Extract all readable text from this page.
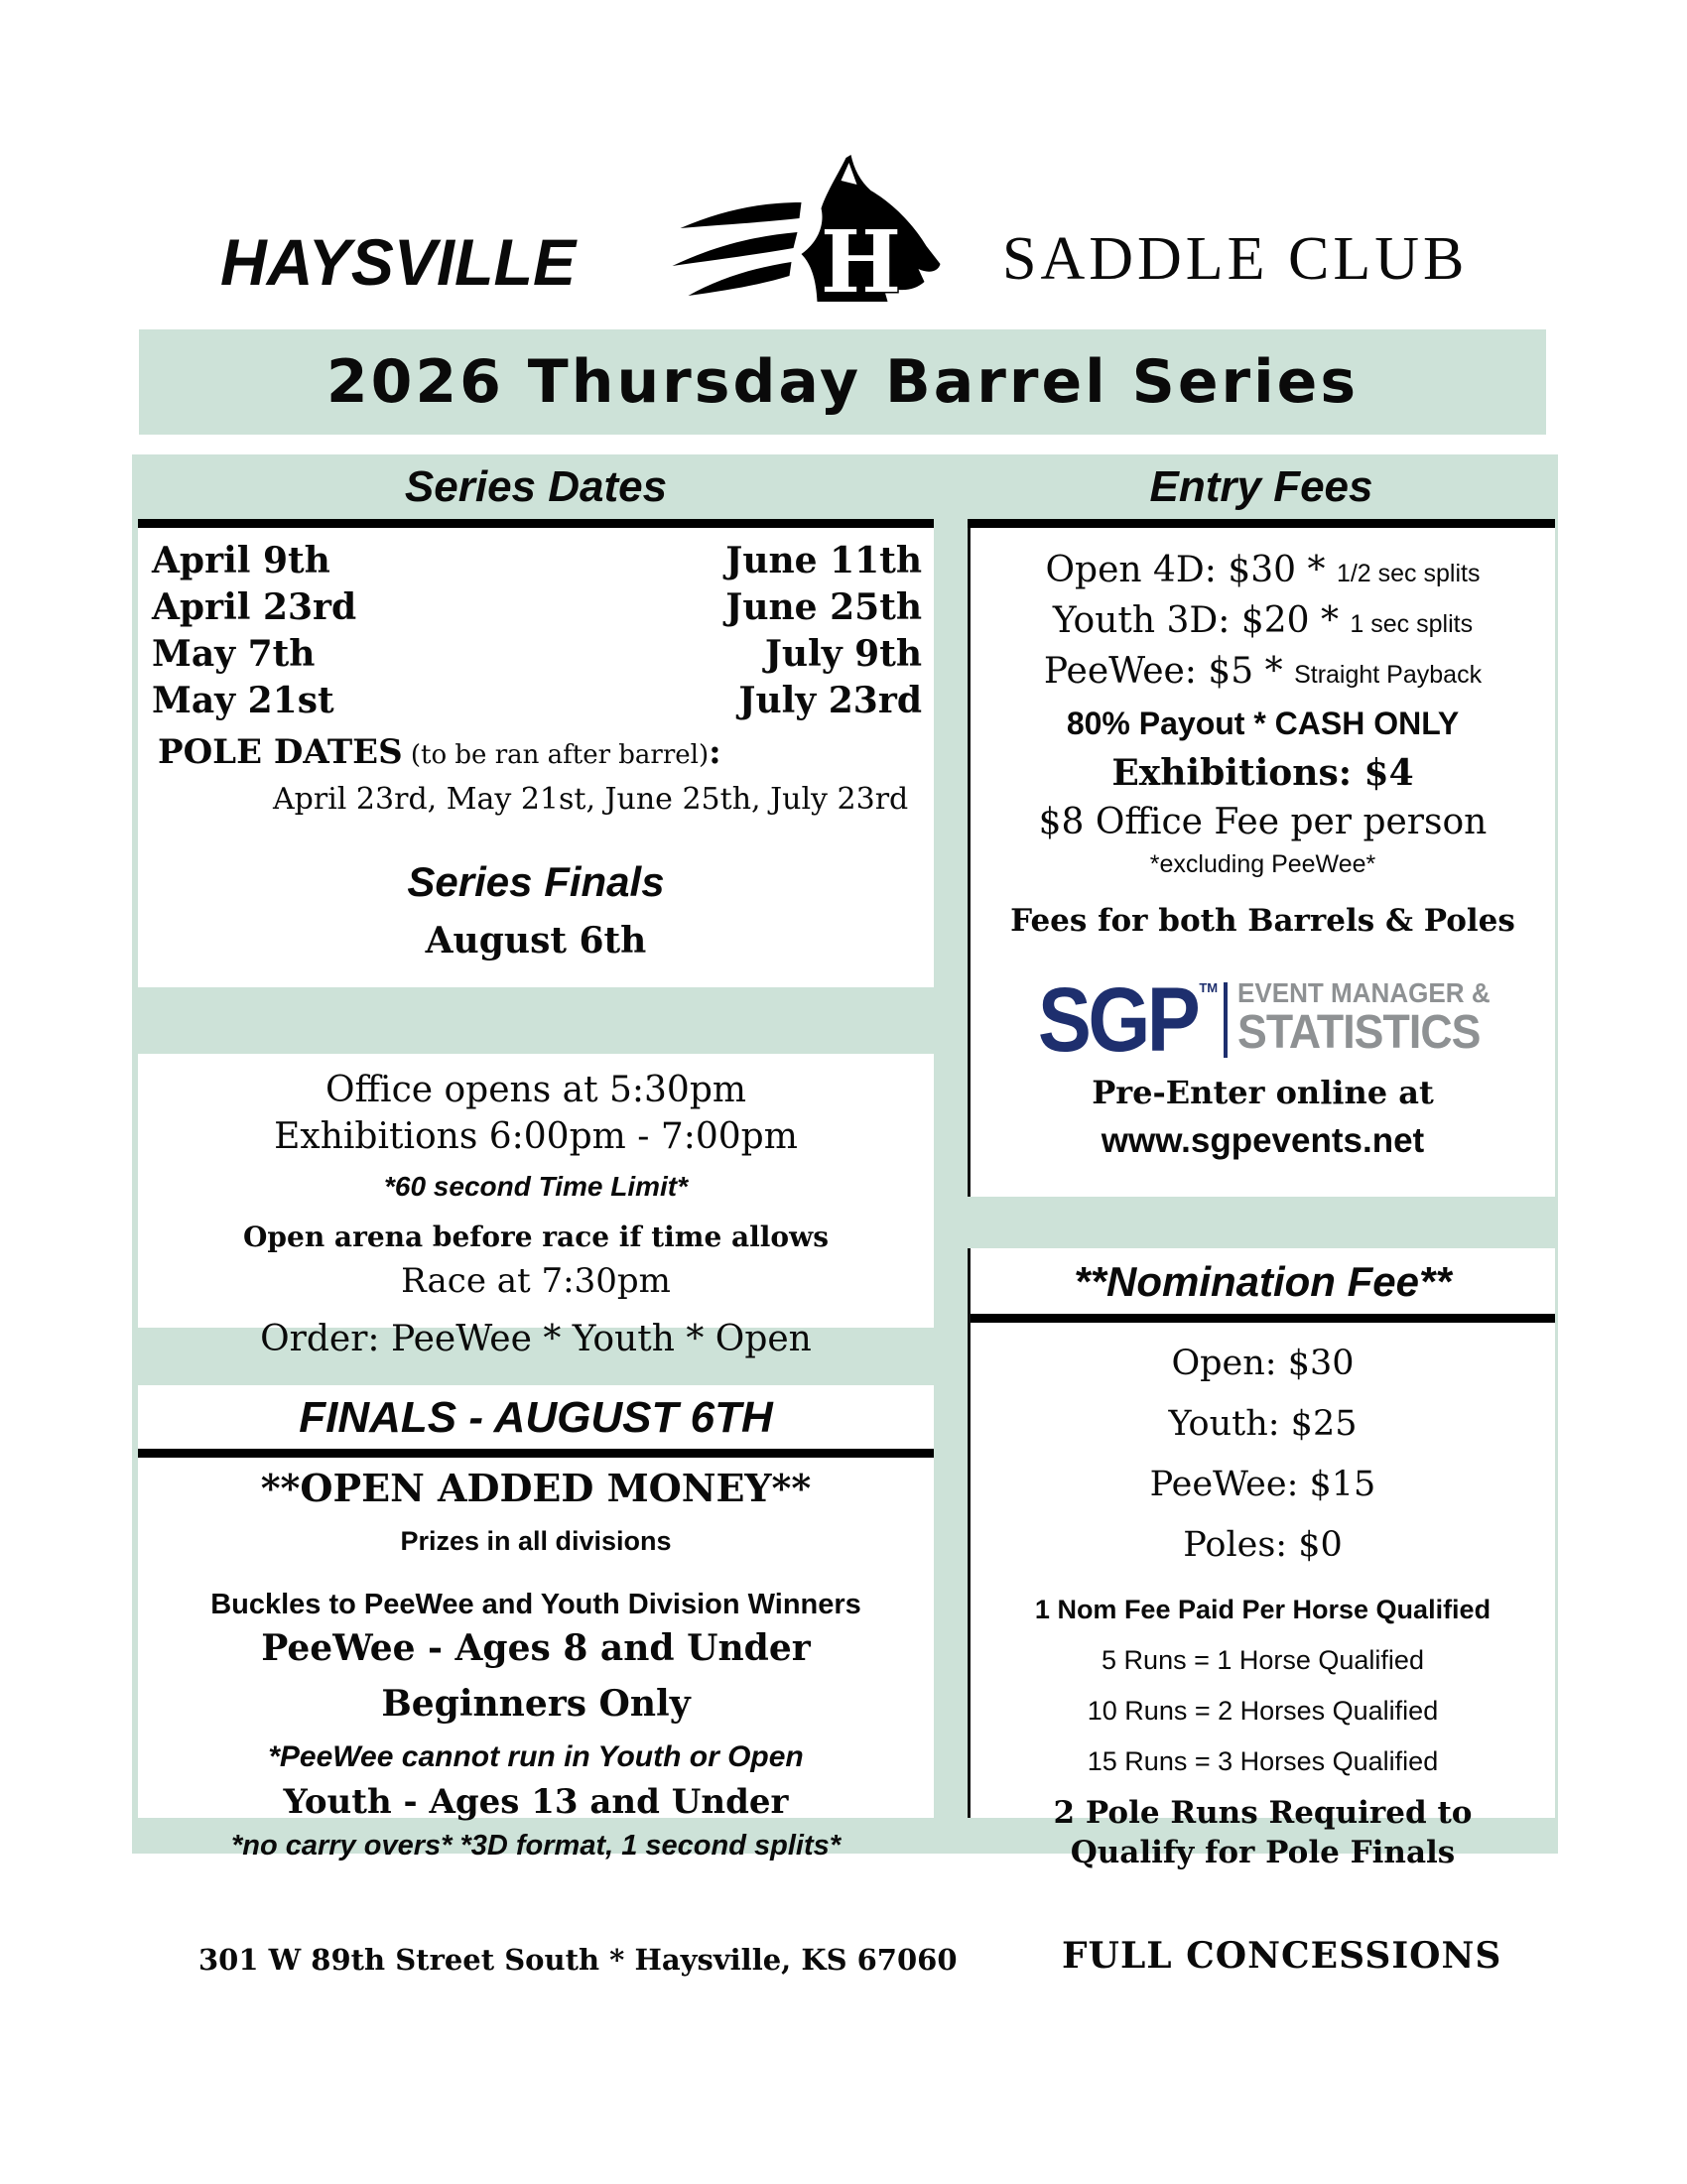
HAYSVILLE	H SADDLE CLUB
2026 Thursday Barrel Series
Series Dates
April 9th
April 23rd
May 7th
May 21st
June 11th
June 25th
July 9th
July 23rd
POLE DATES (to be ran after barrel):
April 23rd, May 21st, June 25th, July 23rd
Series Finals
August 6th
Office opens at 5:30pm
Exhibitions 6:00pm - 7:00pm
*60 second Time Limit*
Open arena before race if time allows
Race at 7:30pm
Order: PeeWee * Youth * Open
FINALS - AUGUST 6TH
**OPEN ADDED MONEY**
Prizes in all divisions
Buckles to PeeWee and Youth Division Winners
PeeWee - Ages 8 and Under
Beginners Only
*PeeWee cannot run in Youth or Open
Youth - Ages 13 and Under
*no carry overs* *3D format, 1 second splits*
Entry Fees
Open 4D: $30 * 1/2 sec splits
Youth 3D: $20 * 1 sec splits
PeeWee: $5 * Straight Payback
80% Payout * CASH ONLY
Exhibitions: $4
$8 Office Fee per person
*excluding PeeWee*
Fees for both Barrels & Poles
SGP TM EVENT MANAGER &
STATISTICS
Pre-Enter online at
www.sgpevents.net
**Nomination Fee**
Open: $30
Youth: $25
PeeWee: $15
Poles: $0
1 Nom Fee Paid Per Horse Qualified
5 Runs = 1 Horse Qualified
10 Runs = 2 Horses Qualified
15 Runs = 3 Horses Qualified
2 Pole Runs Required to
Qualify for Pole Finals
301 W 89th Street South * Haysville, KS 67060	FULL CONCESSIONS
